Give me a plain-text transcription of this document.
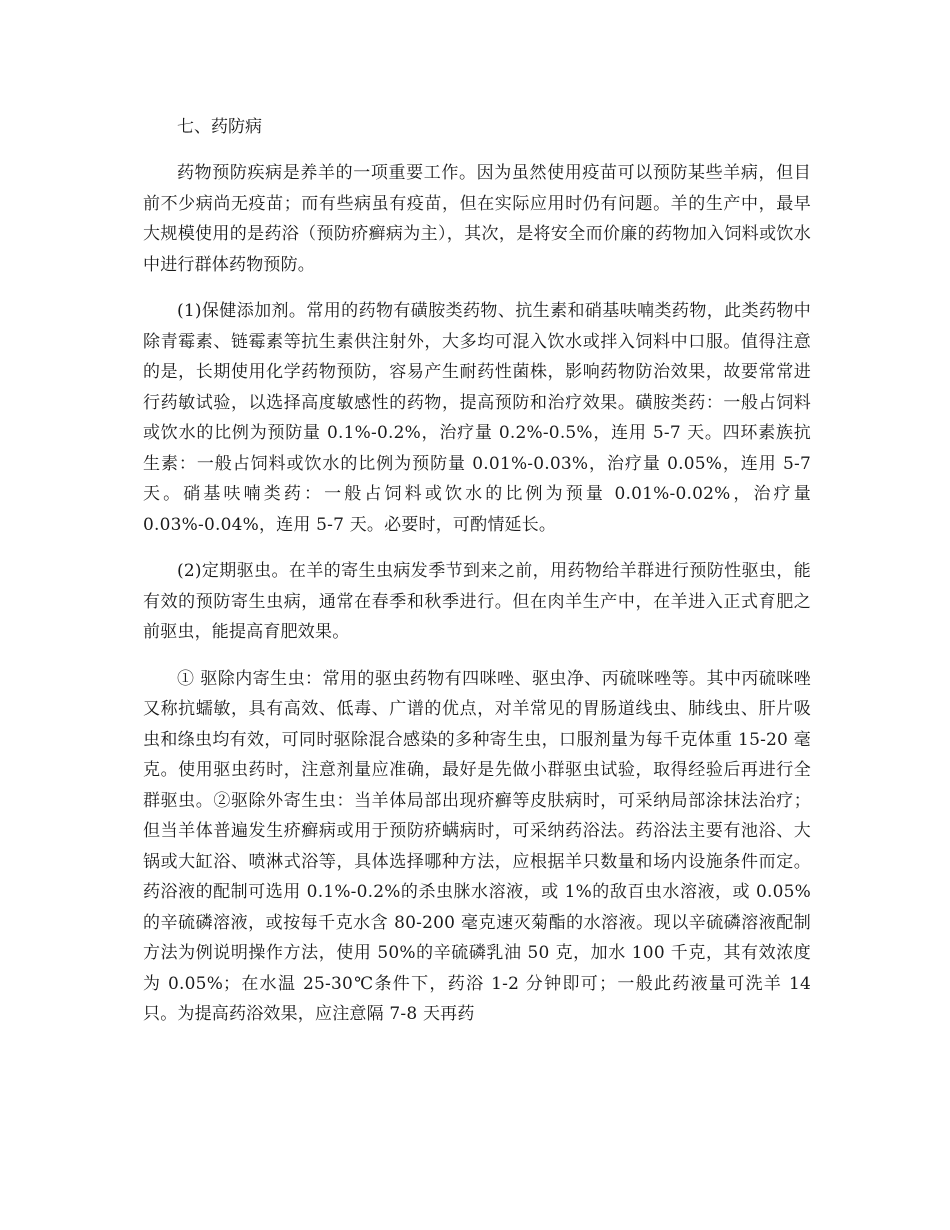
七、药防病

药物预防疾病是养羊的一项重要工作。因为虽然使用疫苗可以预防某些羊病，但目前不少病尚无疫苗；而有些病虽有疫苗，但在实际应用时仍有问题。羊的生产中，最早大规模使用的是药浴（预防疥癣病为主），其次，是将安全而价廉的药物加入饲料或饮水中进行群体药物预防。

(1)保健添加剂。常用的药物有磺胺类药物、抗生素和硝基呋喃类药物，此类药物中除青霉素、链霉素等抗生素供注射外，大多均可混入饮水或拌入饲料中口服。值得注意的是，长期使用化学药物预防，容易产生耐药性菌株，影响药物防治效果，故要常常进行药敏试验，以选择高度敏感性的药物，提高预防和治疗效果。磺胺类药：一般占饲料或饮水的比例为预防量 0.1%-0.2%，治疗量 0.2%-0.5%，连用 5-7 天。四环素族抗生素：一般占饲料或饮水的比例为预防量 0.01%-0.03%，治疗量 0.05%，连用 5-7 天。硝基呋喃类药：一般占饲料或饮水的比例为预量 0.01%-0.02%，治疗量 0.03%-0.04%，连用 5-7 天。必要时，可酌情延长。

(2)定期驱虫。在羊的寄生虫病发季节到来之前，用药物给羊群进行预防性驱虫，能有效的预防寄生虫病，通常在春季和秋季进行。但在肉羊生产中，在羊进入正式育肥之前驱虫，能提高育肥效果。

① 驱除内寄生虫：常用的驱虫药物有四咪唑、驱虫净、丙硫咪唑等。其中丙硫咪唑又称抗蠕敏，具有高效、低毒、广谱的优点，对羊常见的胃肠道线虫、肺线虫、肝片吸虫和绦虫均有效，可同时驱除混合感染的多种寄生虫，口服剂量为每千克体重 15-20 毫克。使用驱虫药时，注意剂量应准确，最好是先做小群驱虫试验，取得经验后再进行全群驱虫。②驱除外寄生虫：当羊体局部出现疥癣等皮肤病时，可采纳局部涂抹法治疗；但当羊体普遍发生疥癣病或用于预防疥螨病时，可采纳药浴法。药浴法主要有池浴、大锅或大缸浴、喷淋式浴等，具体选择哪种方法，应根据羊只数量和场内设施条件而定。药浴液的配制可选用 0.1%-0.2%的杀虫脒水溶液，或 1%的敌百虫水溶液，或 0.05%的辛硫磷溶液，或按每千克水含 80-200 毫克速灭菊酯的水溶液。现以辛硫磷溶液配制方法为例说明操作方法，使用 50%的辛硫磷乳油 50 克，加水 100 千克，其有效浓度为 0.05%；在水温 25-30℃条件下，药浴 1-2 分钟即可；一般此药液量可洗羊 14 只。为提高药浴效果，应注意隔 7-8 天再药
